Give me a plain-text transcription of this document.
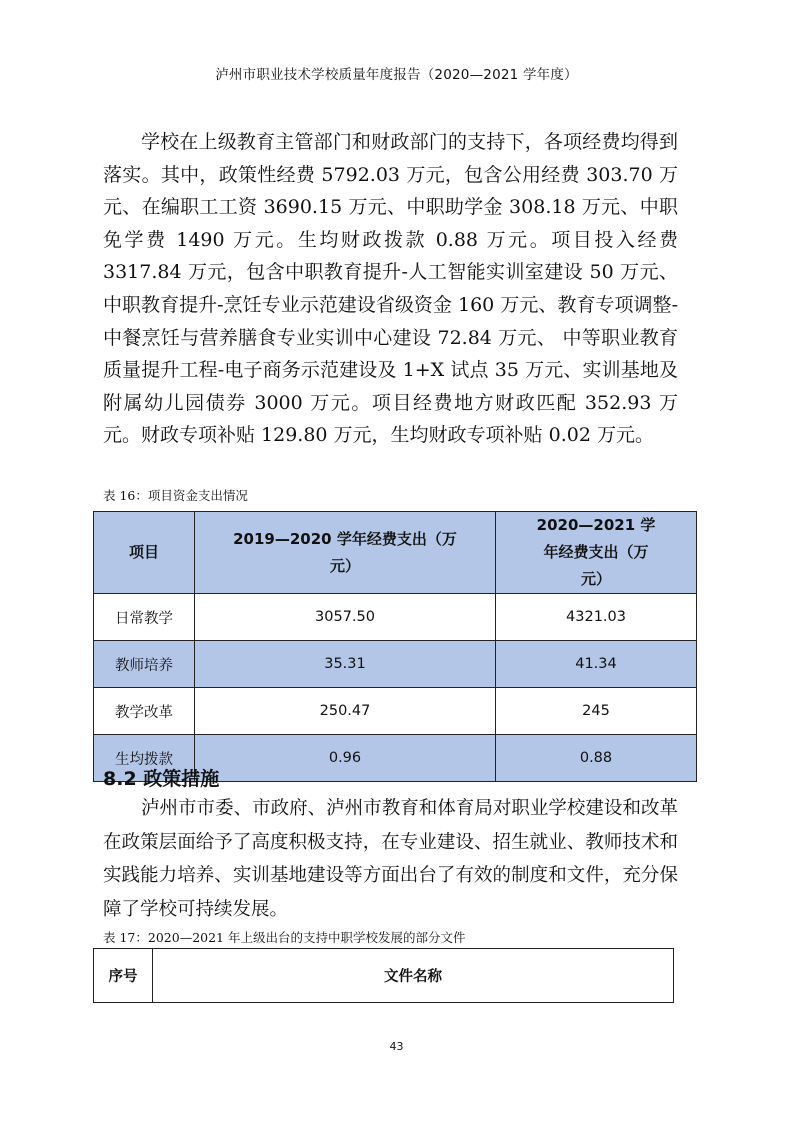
泸州市职业技术学校质量年度报告（2020—2021 学年度）

学校在上级教育主管部门和财政部门的支持下，各项经费均得到落实。其中，政策性经费 5792.03 万元，包含公用经费 303.70 万元、在编职工工资 3690.15 万元、中职助学金 308.18 万元、中职免学费 1490 万元。生均财政拨款 0.88 万元。项目投入经费 3317.84 万元，包含中职教育提升-人工智能实训室建设 50 万元、中职教育提升-烹饪专业示范建设省级资金 160 万元、教育专项调整-中餐烹饪与营养膳食专业实训中心建设 72.84 万元、 中等职业教育质量提升工程-电子商务示范建设及 1+X 试点 35 万元、实训基地及附属幼儿园债券 3000 万元。项目经费地方财政匹配 352.93 万元。财政专项补贴 129.80 万元，生均财政专项补贴 0.02 万元。

表 16：项目资金支出情况
项目	2019—2020 学年经费支出（万元）	2020—2021 学年经费支出（万元）
日常教学	3057.50	4321.03
教师培养	35.31	41.34
教学改革	250.47	245
生均拨款	0.96	0.88
8.2 政策措施

泸州市市委、市政府、泸州市教育和体育局对职业学校建设和改革在政策层面给予了高度积极支持，在专业建设、招生就业、教师技术和实践能力培养、实训基地建设等方面出台了有效的制度和文件，充分保障了学校可持续发展。

表 17：2020—2021 年上级出台的支持中职学校发展的部分文件
序号	文件名称
43
